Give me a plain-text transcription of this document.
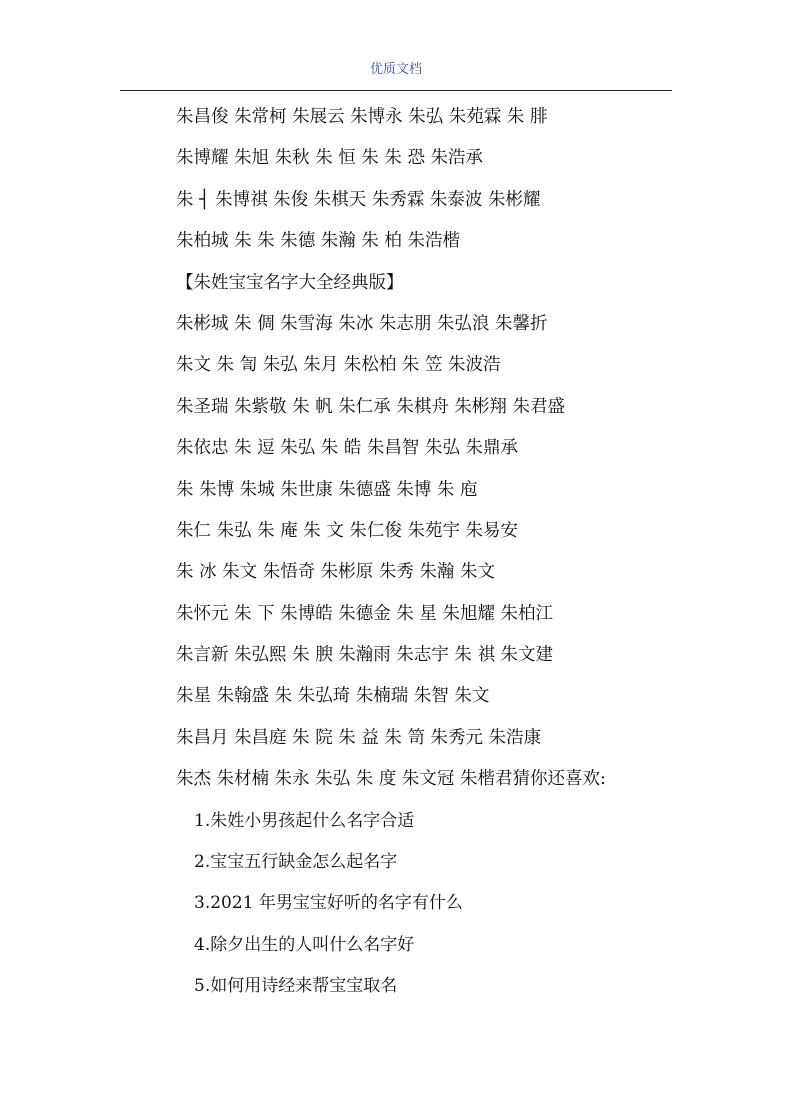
优质文档
朱昌俊 朱常柯 朱展云 朱博永 朱弘 朱苑霖 朱 腓
朱博耀 朱旭 朱秋 朱 恒 朱 朱 恐 朱浩承
朱 ┤ 朱博祺 朱俊 朱棋天 朱秀霖 朱泰波 朱彬耀
朱柏城 朱 朱 朱德 朱瀚 朱 柏 朱浩楷
【朱姓宝宝名字大全经典版】
朱彬城 朱 倜 朱雪海 朱冰 朱志朋 朱弘浪 朱馨折
朱文 朱 訇 朱弘 朱月 朱松柏 朱 笠 朱波浩
朱圣瑞 朱紫敬 朱 帆 朱仁承 朱棋舟 朱彬翔 朱君盛
朱依忠 朱 逗 朱弘 朱 皓 朱昌智 朱弘 朱鼎承
朱 朱博 朱城 朱世康 朱德盛 朱博 朱 庖
朱仁 朱弘 朱 庵 朱 文 朱仁俊 朱苑宇 朱易安
朱 冰 朱文 朱悟奇 朱彬原 朱秀 朱瀚 朱文
朱怀元 朱 下 朱博皓 朱德金 朱 星 朱旭耀 朱柏江
朱言新 朱弘熙 朱 腴 朱瀚雨 朱志宇 朱 祺 朱文建
朱星 朱翰盛 朱 朱弘琦 朱楠瑞 朱智 朱文
朱昌月 朱昌庭 朱 院 朱 益 朱 笥 朱秀元 朱浩康
朱杰 朱材楠 朱永 朱弘 朱 度 朱文冠 朱楷君猜你还喜欢:
1.朱姓小男孩起什么名字合适
2.宝宝五行缺金怎么起名字
3.2021 年男宝宝好听的名字有什么
4.除夕出生的人叫什么名字好
5.如何用诗经来帮宝宝取名
